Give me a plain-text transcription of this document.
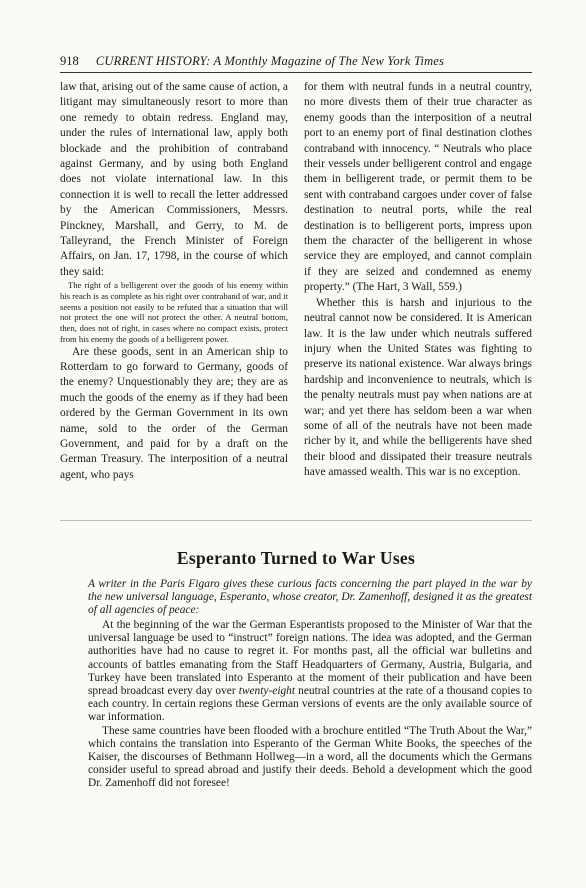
918 CURRENT HISTORY: A Monthly Magazine of The New York Times

law that, arising out of the same cause of action, a litigant may simultaneously resort to more than one remedy to obtain redress. England may, under the rules of international law, apply both blockade and the prohibition of contraband against Germany, and by using both England does not violate international law. In this connection it is well to recall the letter addressed by the American Commissioners, Messrs. Pinckney, Marshall, and Gerry, to M. de Talleyrand, the French Minister of Foreign Affairs, on Jan. 17, 1798, in the course of which they said:

The right of a belligerent over the goods of his enemy within his reach is as complete as his right over contraband of war, and it seems a position not easily to be refuted that a situation that will not protect the one will not protect the other. A neutral bottom, then, does not of right, in cases where no compact exists, protect from his enemy the goods of a belligerent power.

Are these goods, sent in an American ship to Rotterdam to go forward to Germany, goods of the enemy? Unquestionably they are; they are as much the goods of the enemy as if they had been ordered by the German Government in its own name, sold to the order of the German Government, and paid for by a draft on the German Treasury. The interposition of a neutral agent, who pays

for them with neutral funds in a neutral country, no more divests them of their true character as enemy goods than the interposition of a neutral port to an enemy port of final destination clothes contraband with innocency. “ Neutrals who place their vessels under belligerent control and engage them in belligerent trade, or permit them to be sent with contraband cargoes under cover of false destination to neutral ports, while the real destination is to belligerent ports, impress upon them the character of the belligerent in whose service they are employed, and cannot complain if they are seized and condemned as enemy property.” (The Hart, 3 Wall, 559.)

Whether this is harsh and injurious to the neutral cannot now be considered. It is American law. It is the law under which neutrals suffered injury when the United States was fighting to preserve its national existence. War always brings hardship and inconvenience to neutrals, which is the penalty neutrals must pay when nations are at war; and yet there has seldom been a war when some of all of the neutrals have not been made richer by it, and while the belligerents have shed their blood and dissipated their treasure neutrals have amassed wealth. This war is no exception.

Esperanto Turned to War Uses
A writer in the Paris Figaro gives these curious facts concerning the part played in the war by the new universal language, Esperanto, whose creator, Dr. Zamenhoff, designed it as the greatest of all agencies of peace:

At the beginning of the war the German Esperantists proposed to the Minister of War that the universal language be used to “instruct” foreign nations. The idea was adopted, and the German authorities have had no cause to regret it. For months past, all the official war bulletins and accounts of battles emanating from the Staff Headquarters of Germany, Austria, Bulgaria, and Turkey have been translated into Esperanto at the moment of their publication and have been spread broadcast every day over twenty-eight neutral countries at the rate of a thousand copies to each country. In certain regions these German versions of events are the only available source of war information.

These same countries have been flooded with a brochure entitled “The Truth About the War,” which contains the translation into Esperanto of the German White Books, the speeches of the Kaiser, the discourses of Bethmann Hollweg—in a word, all the documents which the Germans consider useful to spread abroad and justify their deeds. Behold a development which the good Dr. Zamenhoff did not foresee!
